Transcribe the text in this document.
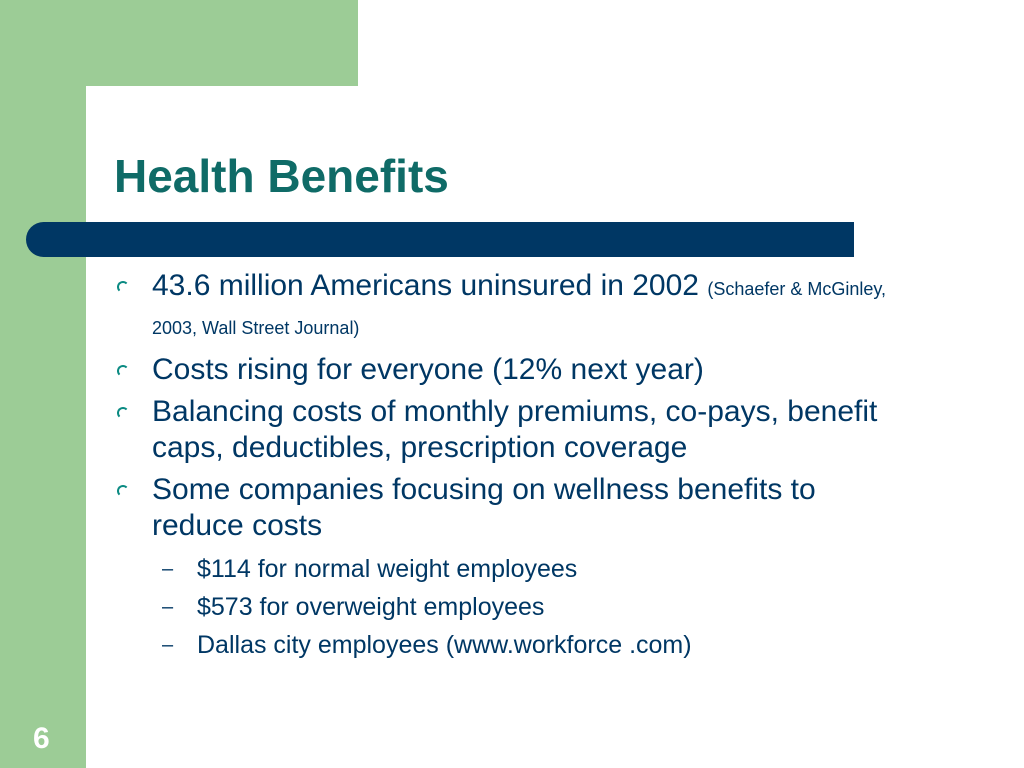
Health Benefits
43.6 million Americans uninsured in 2002 (Schaefer & McGinley, 2003, Wall Street Journal)
Costs rising for everyone (12% next year)
Balancing costs of monthly premiums, co-pays, benefit caps, deductibles, prescription coverage
Some companies focusing on wellness benefits to reduce costs
– $114 for normal weight employees
– $573 for overweight employees
– Dallas city employees (www.workforce .com)
6
